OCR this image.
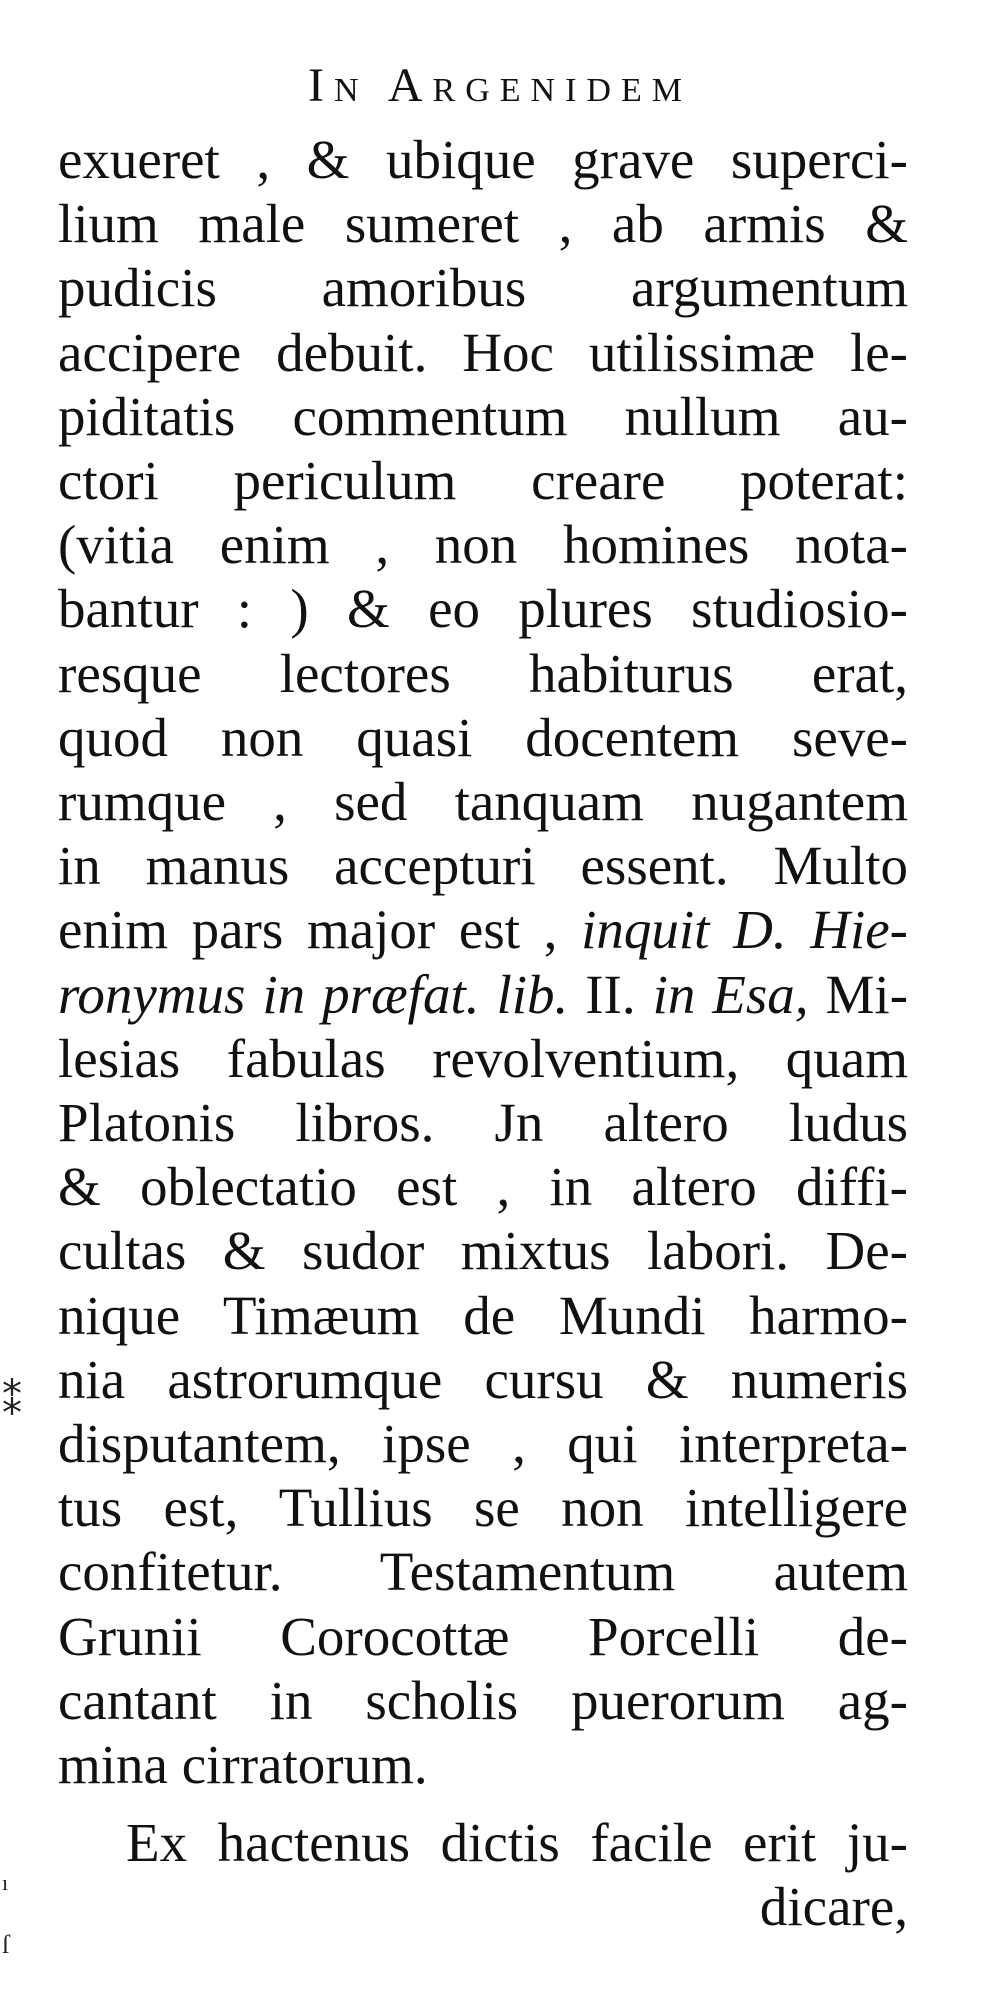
In Argenidem
exueret , & ubique grave superci-
lium male sumeret , ab armis &
pudicis amoribus argumentum
accipere debuit. Hoc utilissimæ le-
piditatis commentum nullum au-
ctori periculum creare poterat:
(vitia enim , non homines nota-
bantur : ) & eo plures studiosio-
resque lectores habiturus erat,
quod non quasi docentem seve-
rumque , sed tanquam nugantem
in manus accepturi essent. Multo
enim pars major est , inquit D. Hie-
ronymus in præfat. lib. II. in Esa, Mi-
lesias fabulas revolventium, quam
Platonis libros. Jn altero ludus
& oblectatio est , in altero diffi-
cultas & sudor mixtus labori. De-
nique Timæum de Mundi harmo-
nia astrorumque cursu & numeris
disputantem, ipse , qui interpreta-
tus est, Tullius se non intelligere
confitetur. Testamentum autem
Grunii Corocottæ Porcelli de-
cantant in scholis puerorum ag-
mina cirratorum.
Ex hactenus dictis facile erit ju-
dicare,
⁑
ı
ſ
